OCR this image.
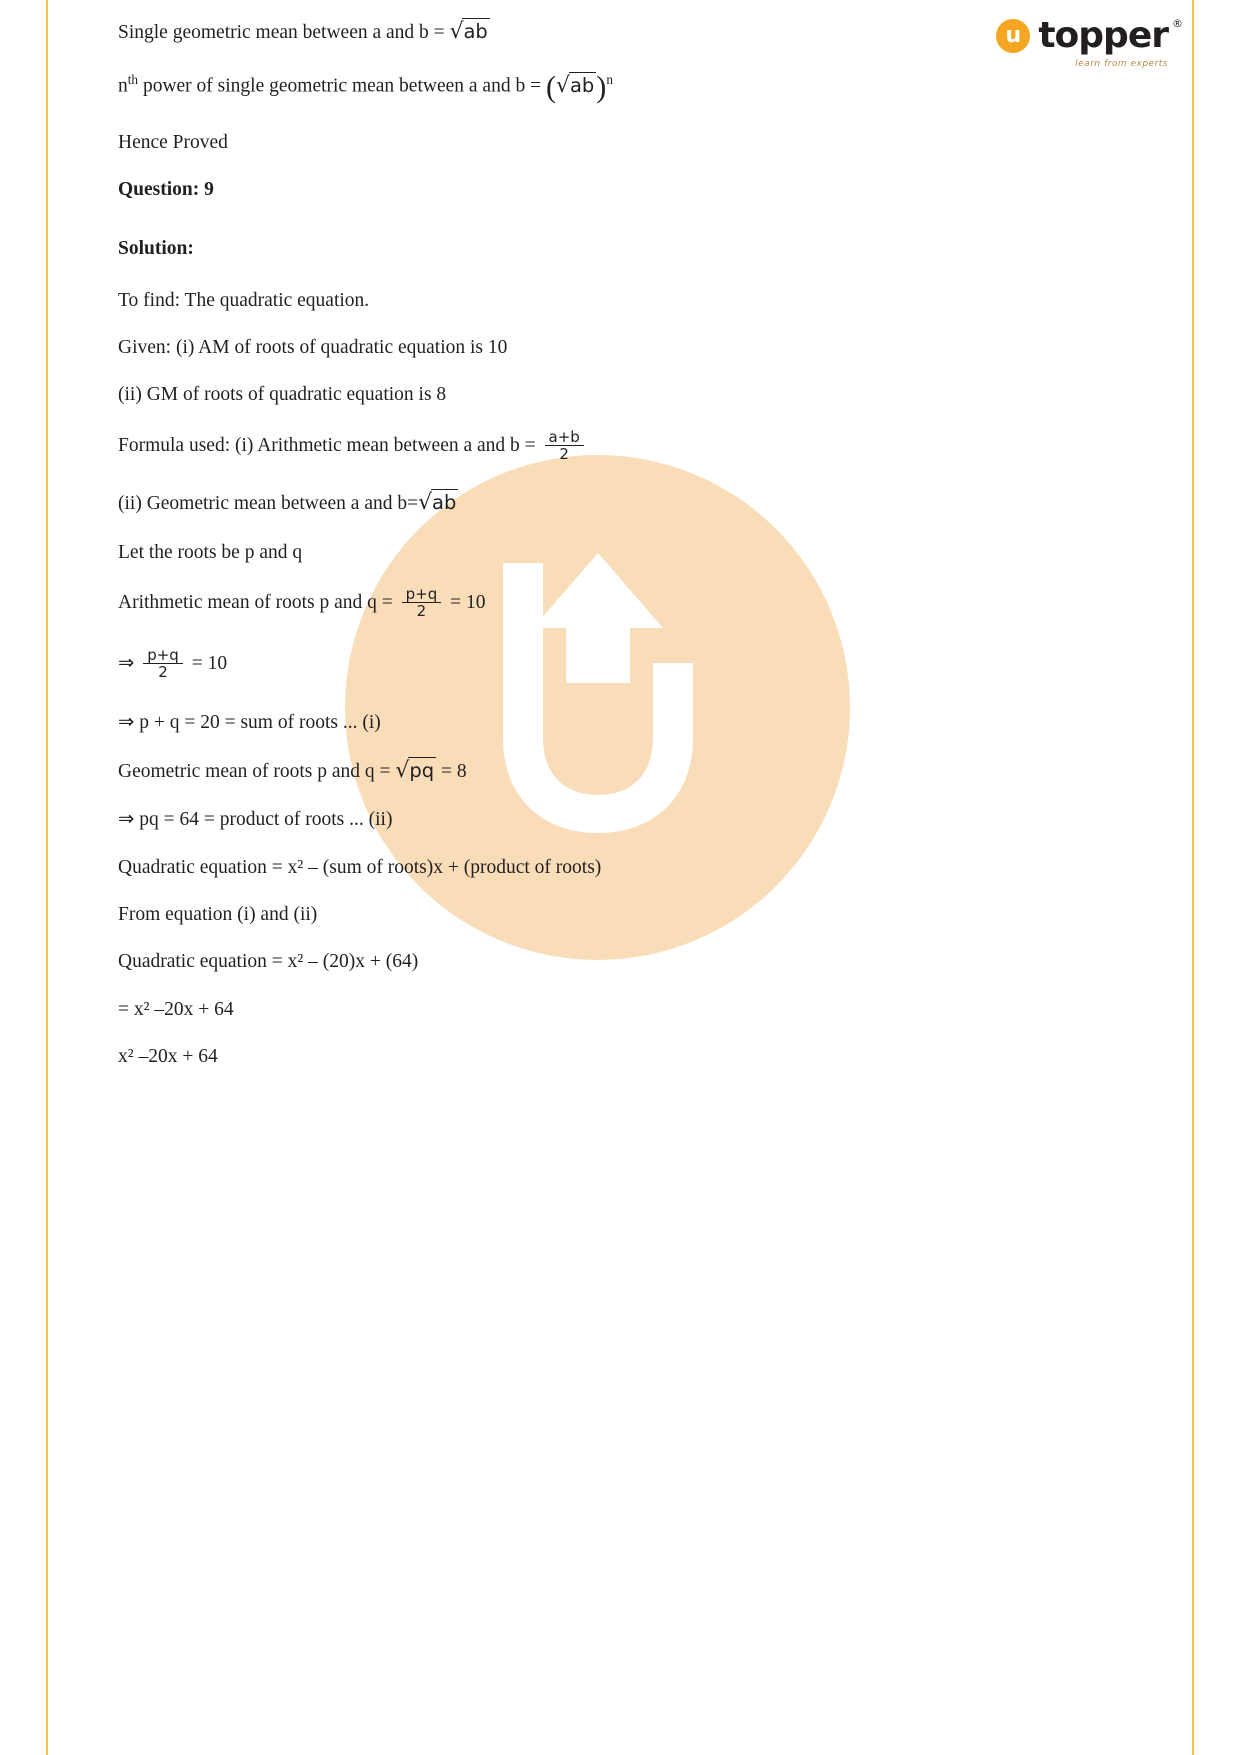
u topper ®
learn from experts

Single geometric mean between a and b = √ab

$n^{th}$ power of single geometric mean between a and $b = (√ab)^n$

Hence Proved

Question: 9

Solution:

To find: The quadratic equation.

Given: (i) AM of roots of quadratic equation is 10

(ii) GM of roots of quadratic equation is 8

Formula used: (i) Arithmetic mean between a and $b = \frac{a+b}{2}$

(ii) Geometric mean between a and b=√ab

Let the roots be p and q

Arithmetic mean of roots p and $q = \frac{p+q}{2} = 10$

⇒ $\frac{p+q}{2} = 10$

⇒ p + q = 20 = sum of roots ... (i)

Geometric mean of roots p and q = √pq = 8

⇒ pq = 64 = product of roots ... (ii)

Quadratic equation = x² – (sum of roots)x + (product of roots)

From equation (i) and (ii)

Quadratic equation = x² – (20)x + (64)

= x² –20x + 64

x² –20x + 64
